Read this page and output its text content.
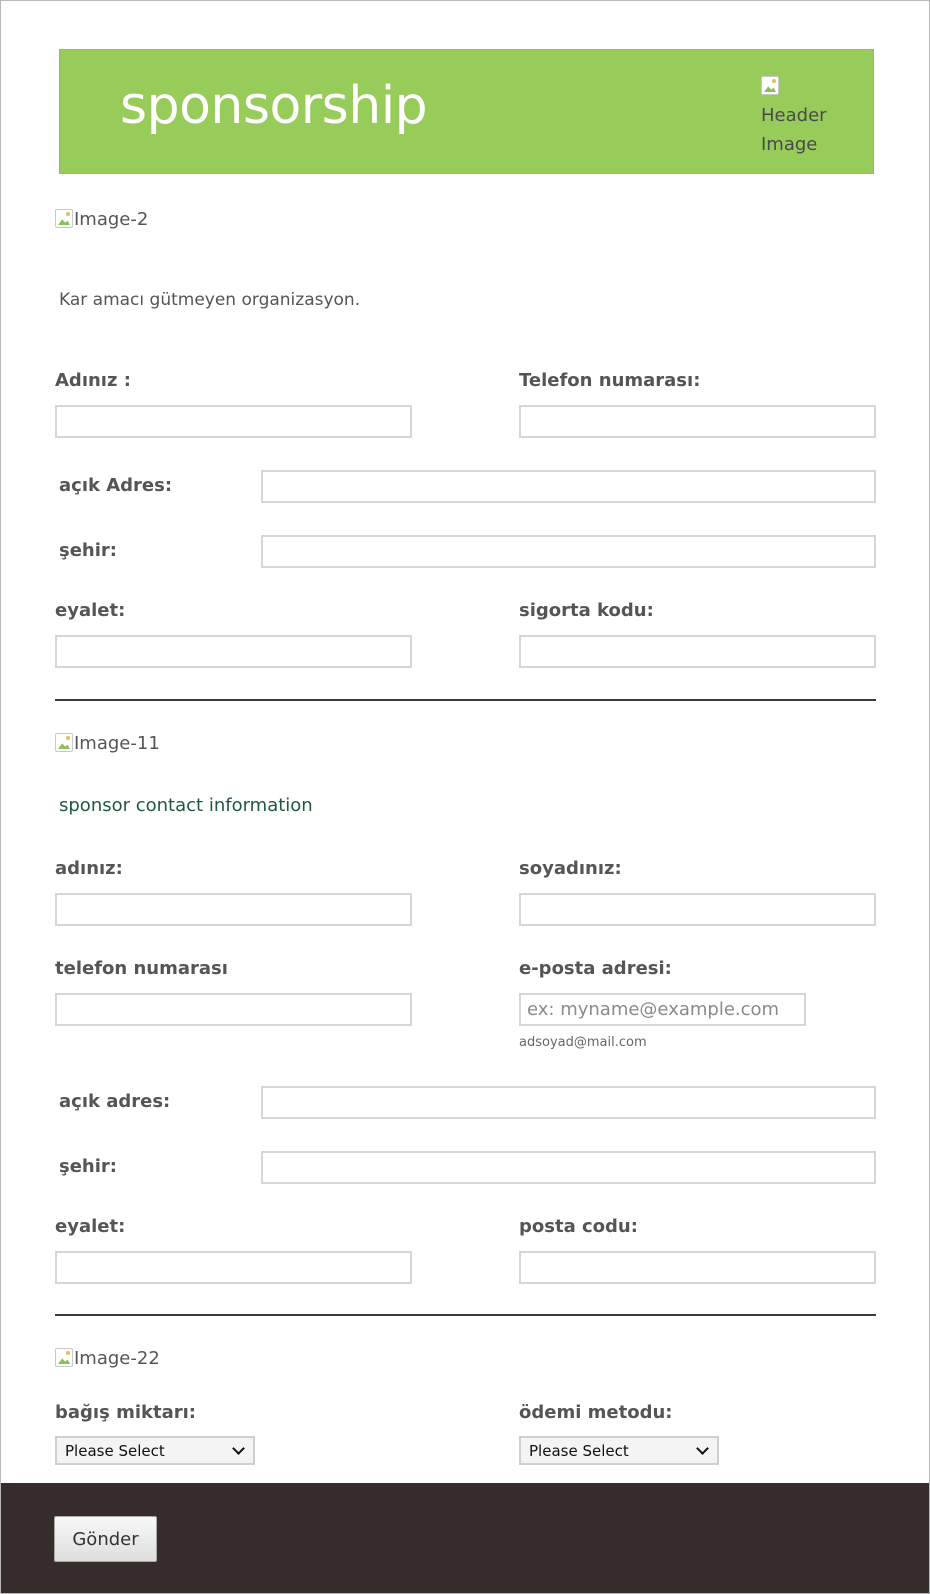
sponsorship	Header Image
Image-2
Kar amacı gütmeyen organizasyon.
Adınız :	Telefon numarası:
açık Adres:
şehir:
eyalet:	sigorta kodu:
Image-11
sponsor contact information
adınız:	soyadınız:
telefon numarası	e-posta adresi:
ex: myname@example.com
adsoyad@mail.com
açık adres:
şehir:
eyalet:	posta codu:
Image-22
bağış miktarı:
Please Select
ödemi metodu:
Please Select
Gönder
